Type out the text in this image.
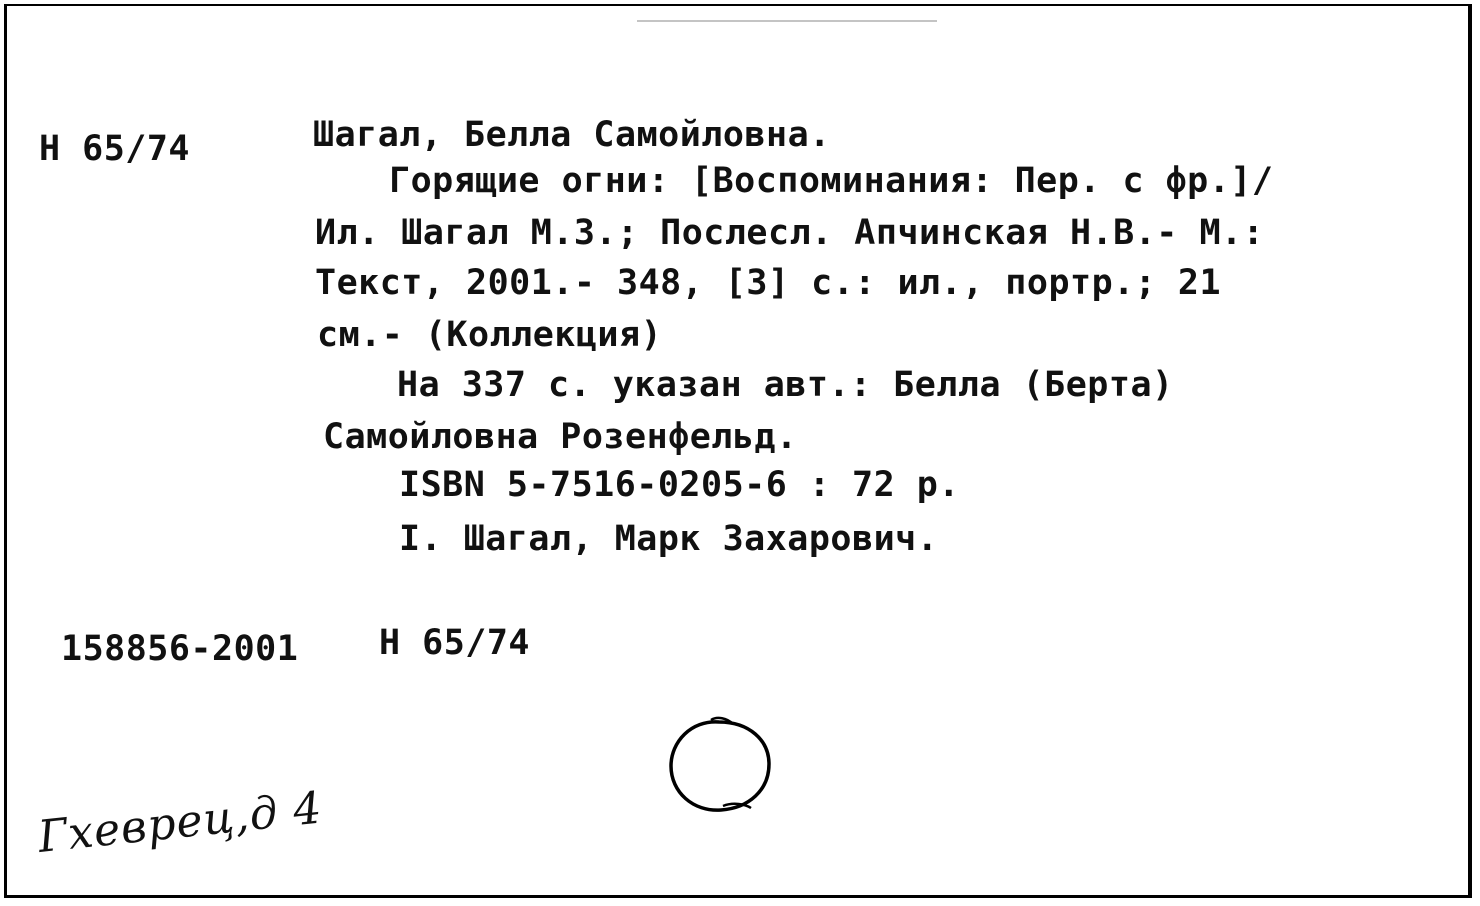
Н 65/74	Шагал, Белла Самойловна.
Горящие огни: [Воспоминания: Пер. с фр.]/
Ил. Шагал М.З.; Послесл. Апчинская Н.В.- М.:
Текст, 2001.- 348, [3] с.: ил., портр.; 21
см.- (Коллекция)
На 337 с. указан авт.: Белла (Берта)
Самойловна Розенфельд.
ISBN 5-7516-0205-6 : 72 р.
I. Шагал, Марк Захарович.
158856-2001 Н 65/74
Гхеврец,д 4
